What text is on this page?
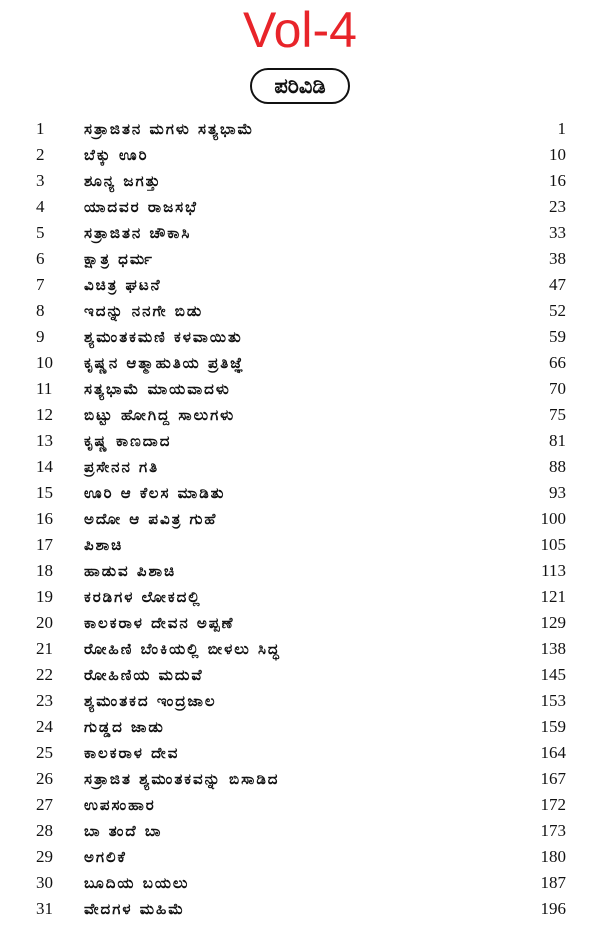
Vol-4
ಪರಿವಿಡಿ
1	ಸತ್ರಾಜಿತನ ಮಗಳು ಸತ್ಯಭಾಮೆ	1
2	ಬೆಕ್ಕು ಊರಿ	10
3	ಶೂನ್ಯ ಜಗತ್ತು	16
4	ಯಾದವರ ರಾಜಸಭೆ	23
5	ಸತ್ರಾಜಿತನ ಚೌಕಾಸಿ	33
6	ಕ್ಷಾತ್ರ ಧರ್ಮ	38
7	ವಿಚಿತ್ರ ಘಟನೆ	47
8	ಇದನ್ನು ನನಗೇ ಬಿಡು	52
9	ಶ್ಯಮಂತಕಮಣಿ ಕಳವಾಯಿತು	59
10 ಕೃಷ್ಣನ ಆತ್ಮಾಹುತಿಯ ಪ್ರತಿಜ್ಞೆ	66
11 ಸತ್ಯಭಾಮೆ ಮಾಯವಾದಳು	70
12 ಬಿಟ್ಟು ಹೋಗಿದ್ದ ಸಾಲುಗಳು	75
13 ಕೃಷ್ಣ ಕಾಣದಾದ	81
14 ಪ್ರಸೇನನ ಗತಿ	88
15 ಊರಿ ಆ ಕೆಲಸ ಮಾಡಿತು	93
16 ಅದೋ ಆ ಪವಿತ್ರ ಗುಹೆ	100
17 ಪಿಶಾಚಿ	105
18 ಹಾಡುವ ಪಿಶಾಚಿ	113
19 ಕರಡಿಗಳ ಲೋಕದಲ್ಲಿ	121
20 ಕಾಲಕರಾಳ ದೇವನ ಅಪ್ಪಣೆ	129
21 ರೋಹಿಣಿ ಬೆಂಕಿಯಲ್ಲಿ ಬೀಳಲು ಸಿದ್ಧ	138
22 ರೋಹಿಣಿಯ ಮದುವೆ	145
23 ಶ್ಯಮಂತಕದ ಇಂದ್ರಜಾಲ	153
24 ಗುಡ್ಡದ ಜಾಡು	159
25 ಕಾಲಕರಾಳ ದೇವ	164
26 ಸತ್ರಾಜಿತ ಶ್ಯಮಂತಕವನ್ನು ಬಿಸಾಡಿದ	167
27 ಉಪಸಂಹಾರ	172
28 ಬಾ ತಂದೆ ಬಾ	173
29 ಅಗಲಿಕೆ	180
30 ಬೂದಿಯ ಬಯಲು	187
31 ವೇದಗಳ ಮಹಿಮೆ	196
